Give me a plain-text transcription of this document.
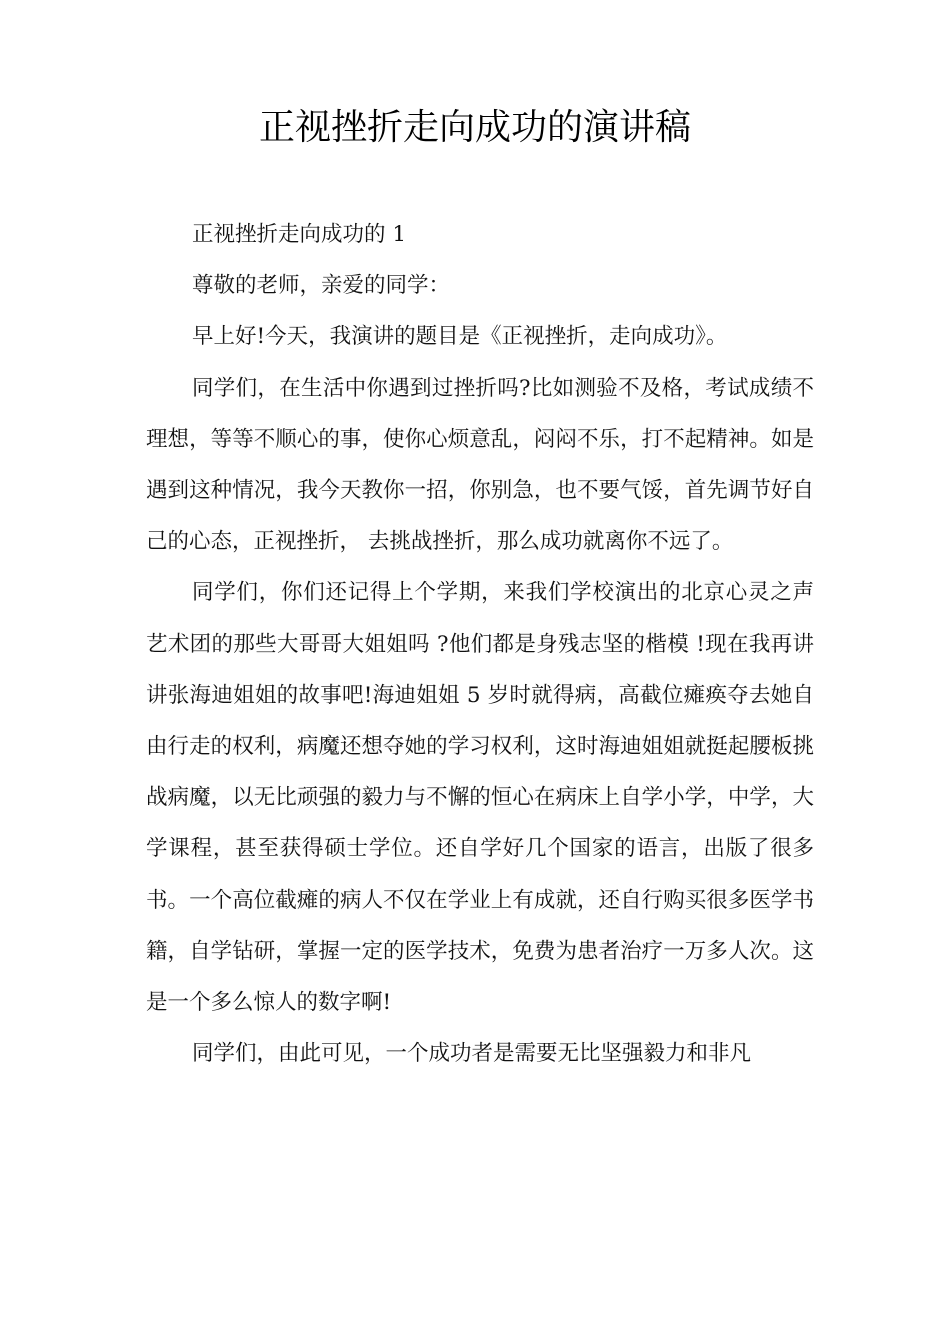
正视挫折走向成功的演讲稿

正视挫折走向成功的 1

尊敬的老师，亲爱的同学：

早上好!今天，我演讲的题目是《正视挫折，走向成功》。

同学们，在生活中你遇到过挫折吗?比如测验不及格，考试成绩不理想，等等不顺心的事，使你心烦意乱，闷闷不乐，打不起精神。如是遇到这种情况，我今天教你一招，你别急，也不要气馁，首先调节好自己的心态，正视挫折， 去挑战挫折，那么成功就离你不远了。

同学们，你们还记得上个学期，来我们学校演出的北京心灵之声艺术团的那些大哥哥大姐姐吗 ?他们都是身残志坚的楷模 !现在我再讲讲张海迪姐姐的故事吧!海迪姐姐 5 岁时就得病，高截位瘫痪夺去她自由行走的权利，病魔还想夺她的学习权利，这时海迪姐姐就挺起腰板挑战病魔，以无比顽强的毅力与不懈的恒心在病床上自学小学，中学，大学课程，甚至获得硕士学位。还自学好几个国家的语言，出版了很多书。一个高位截瘫的病人不仅在学业上有成就，还自行购买很多医学书籍，自学钻研，掌握一定的医学技术，免费为患者治疗一万多人次。这是一个多么惊人的数字啊!

同学们，由此可见，一个成功者是需要无比坚强毅力和非凡
